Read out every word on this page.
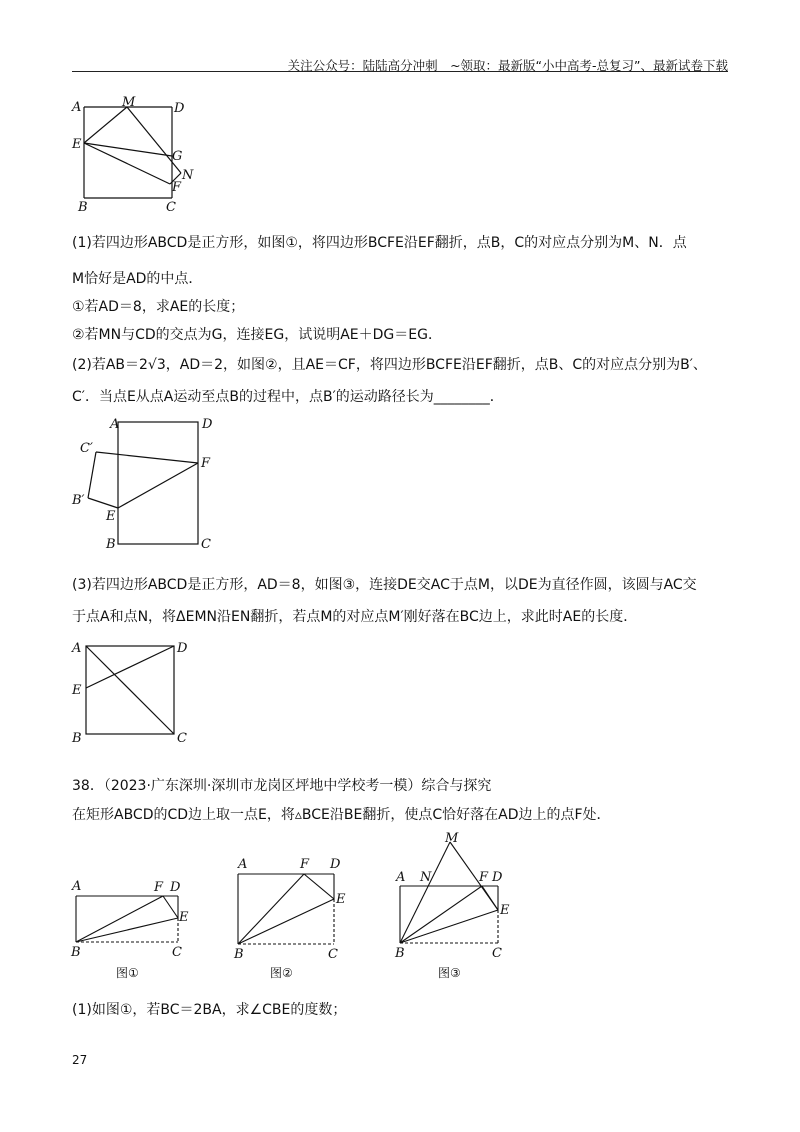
关注公众号：陆陆高分冲刺　~领取：最新版“小中高考-总复习”、最新试卷下载
A	M	D
E
G
N
F
B	C
(1)若四边形ABCD是正方形，如图①，将四边形BCFE沿EF翻折，点B，C的对应点分别为M、N．点
M恰好是AD的中点．
①若AD＝8，求AE的长度；
②若MN与CD的交点为G，连接EG，试说明AE＋DG＝EG．
(2)若AB＝2√3，AD＝2，如图②，且AE＝CF，将四边形BCFE沿EF翻折，点B、C的对应点分别为B′、
C′．当点E从点A运动至点B的过程中，点B′的运动路径长为________．
A	D
C′
F
B′
E
B	C
(3)若四边形ABCD是正方形，AD＝8，如图③，连接DE交AC于点M，以DE为直径作圆，该圆与AC交
于点A和点N，将ΔEMN沿EN翻折，若点M的对应点M′刚好落在BC边上，求此时AE的长度．
A	D
E
B	C
38．（2023·广东深圳·深圳市龙岗区坪地中学校考一模）综合与探究
在矩形ABCD的CD边上取一点E，将▵BCE沿BE翻折，使点C恰好落在AD边上的点F处．
A	F D
E
B	C
图①
A	F D
E
B	C
图②
M
A N	F D
E
B	C
图③
(1)如图①，若BC＝2BA，求∠CBE的度数；
27
